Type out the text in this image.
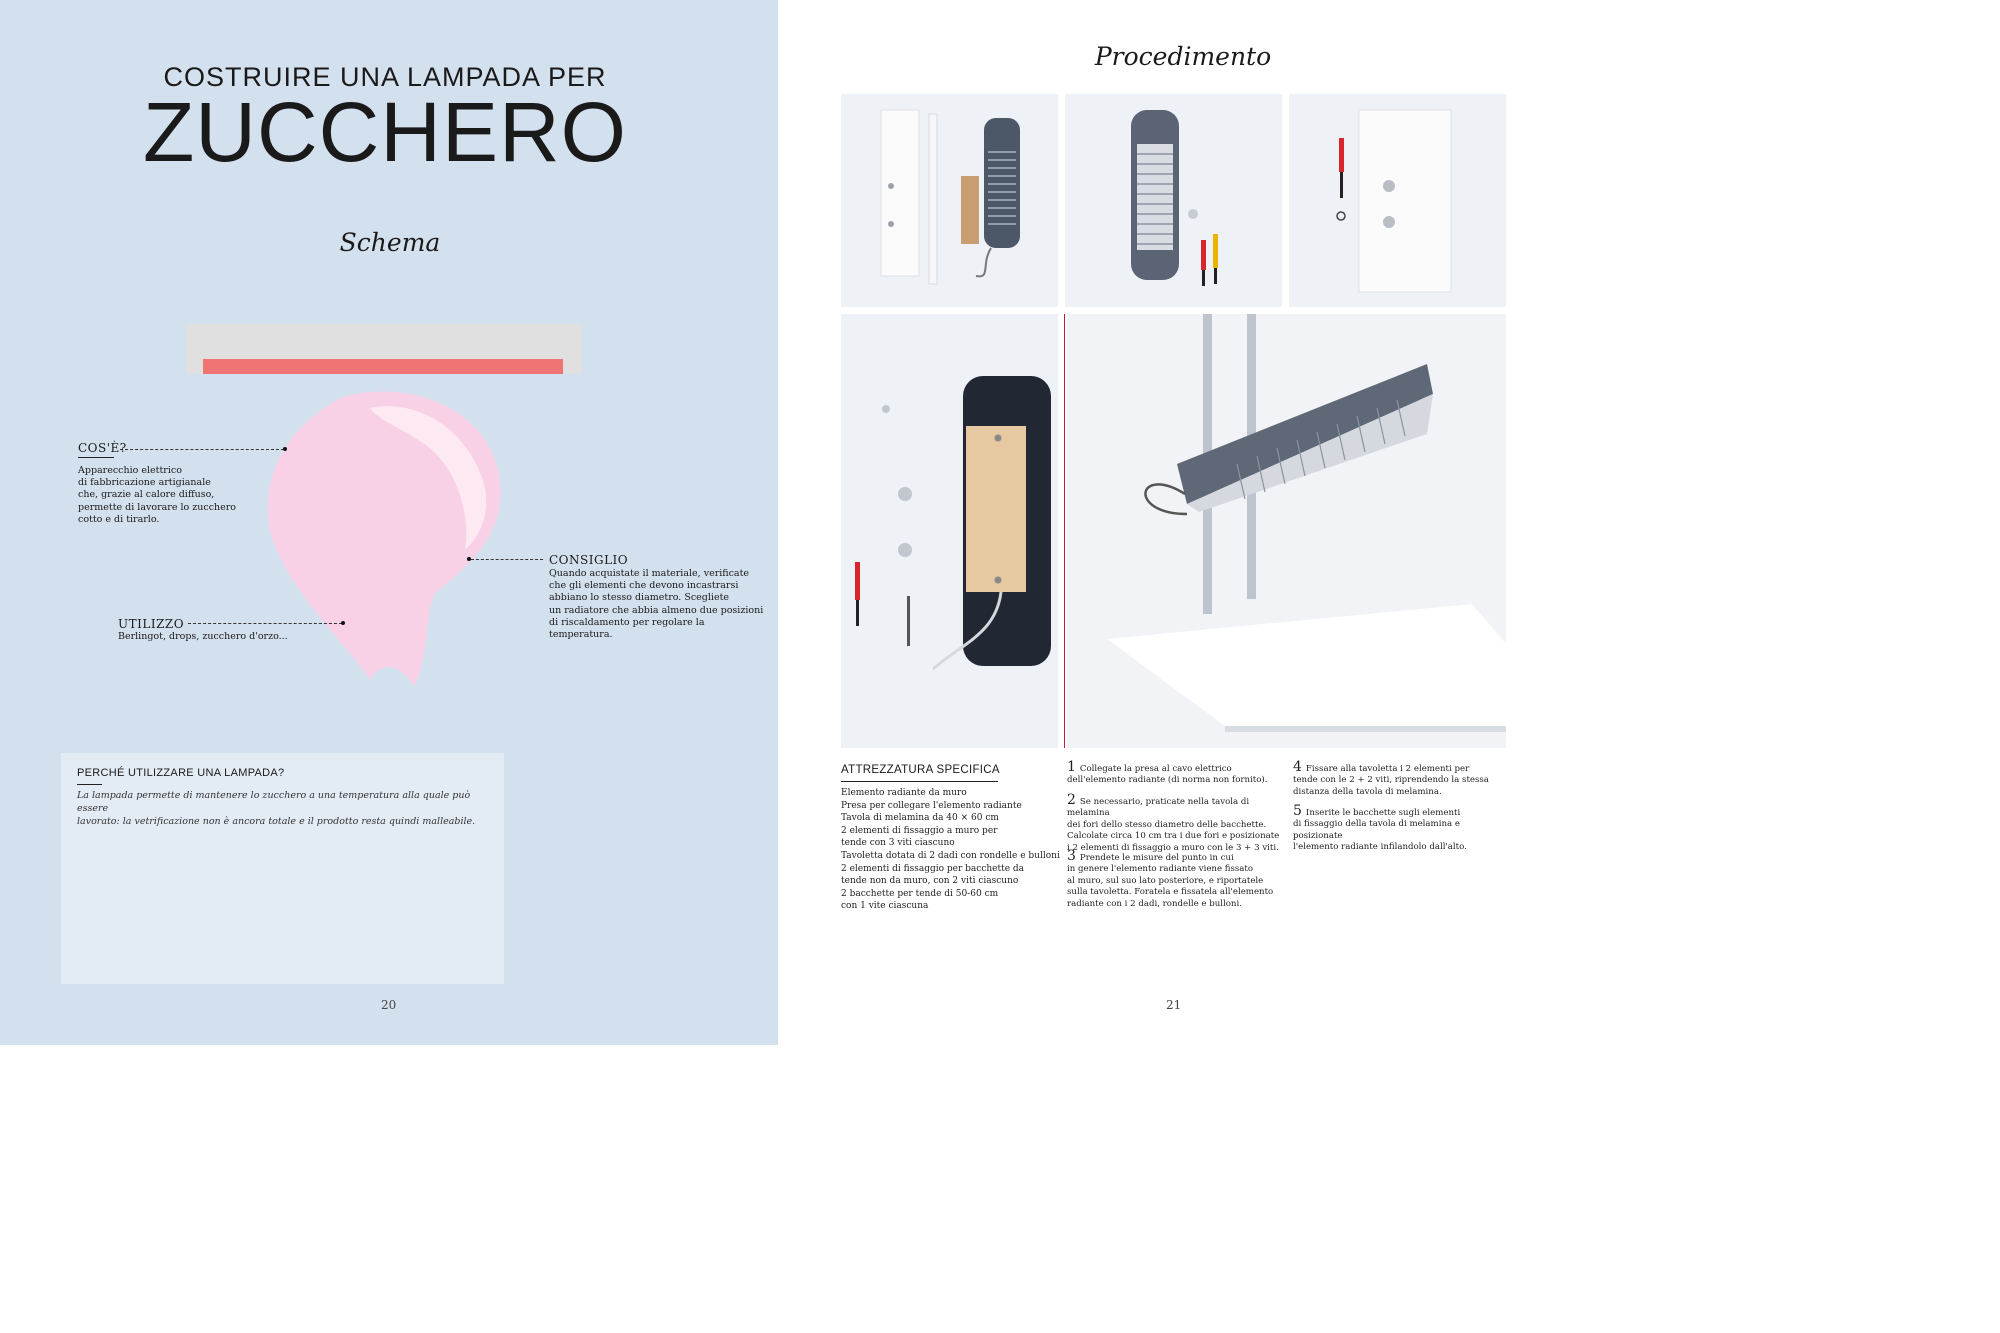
COSTRUIRE UNA LAMPADA PER
ZUCCHERO
Schema
COS'È?
Apparecchio elettrico
di fabbricazione artigianale
che, grazie al calore diffuso,
permette di lavorare lo zucchero
cotto e di tirarlo.
CONSIGLIO
Quando acquistate il materiale, verificate
che gli elementi che devono incastrarsi
abbiano lo stesso diametro. Scegliete
un radiatore che abbia almeno due posizioni
di riscaldamento per regolare la temperatura.
UTILIZZO
Berlingot, drops, zucchero d'orzo...
PERCHÉ UTILIZZARE UNA LAMPADA?
La lampada permette di mantenere lo zucchero a una temperatura alla quale può essere
lavorato: la vetrificazione non è ancora totale e il prodotto resta quindi malleabile.
20
Procedimento
ATTREZZATURA SPECIFICA
Elemento radiante da muro
Presa per collegare l'elemento radiante
Tavola di melamina da 40 × 60 cm
2 elementi di fissaggio a muro per
tende con 3 viti ciascuno
Tavoletta dotata di 2 dadi con rondelle e bulloni
2 elementi di fissaggio per bacchette da
tende non da muro, con 2 viti ciascuno
2 bacchette per tende di 50-60 cm
con 1 vite ciascuna
1 Collegate la presa al cavo elettrico
dell'elemento radiante (di norma non fornito).
2 Se necessario, praticate nella tavola di melamina
dei fori dello stesso diametro delle bacchette.
Calcolate circa 10 cm tra i due fori e posizionate
i 2 elementi di fissaggio a muro con le 3 + 3 viti.
3 Prendete le misure del punto in cui
in genere l'elemento radiante viene fissato
al muro, sul suo lato posteriore, e riportatele
sulla tavoletta. Foratela e fissatela all'elemento
radiante con i 2 dadi, rondelle e bulloni.
4 Fissare alla tavoletta i 2 elementi per
tende con le 2 + 2 viti, riprendendo la stessa
distanza della tavola di melamina.
5 Inserite le bacchette sugli elementi
di fissaggio della tavola di melamina e posizionate
l'elemento radiante infilandolo dall'alto.
21
